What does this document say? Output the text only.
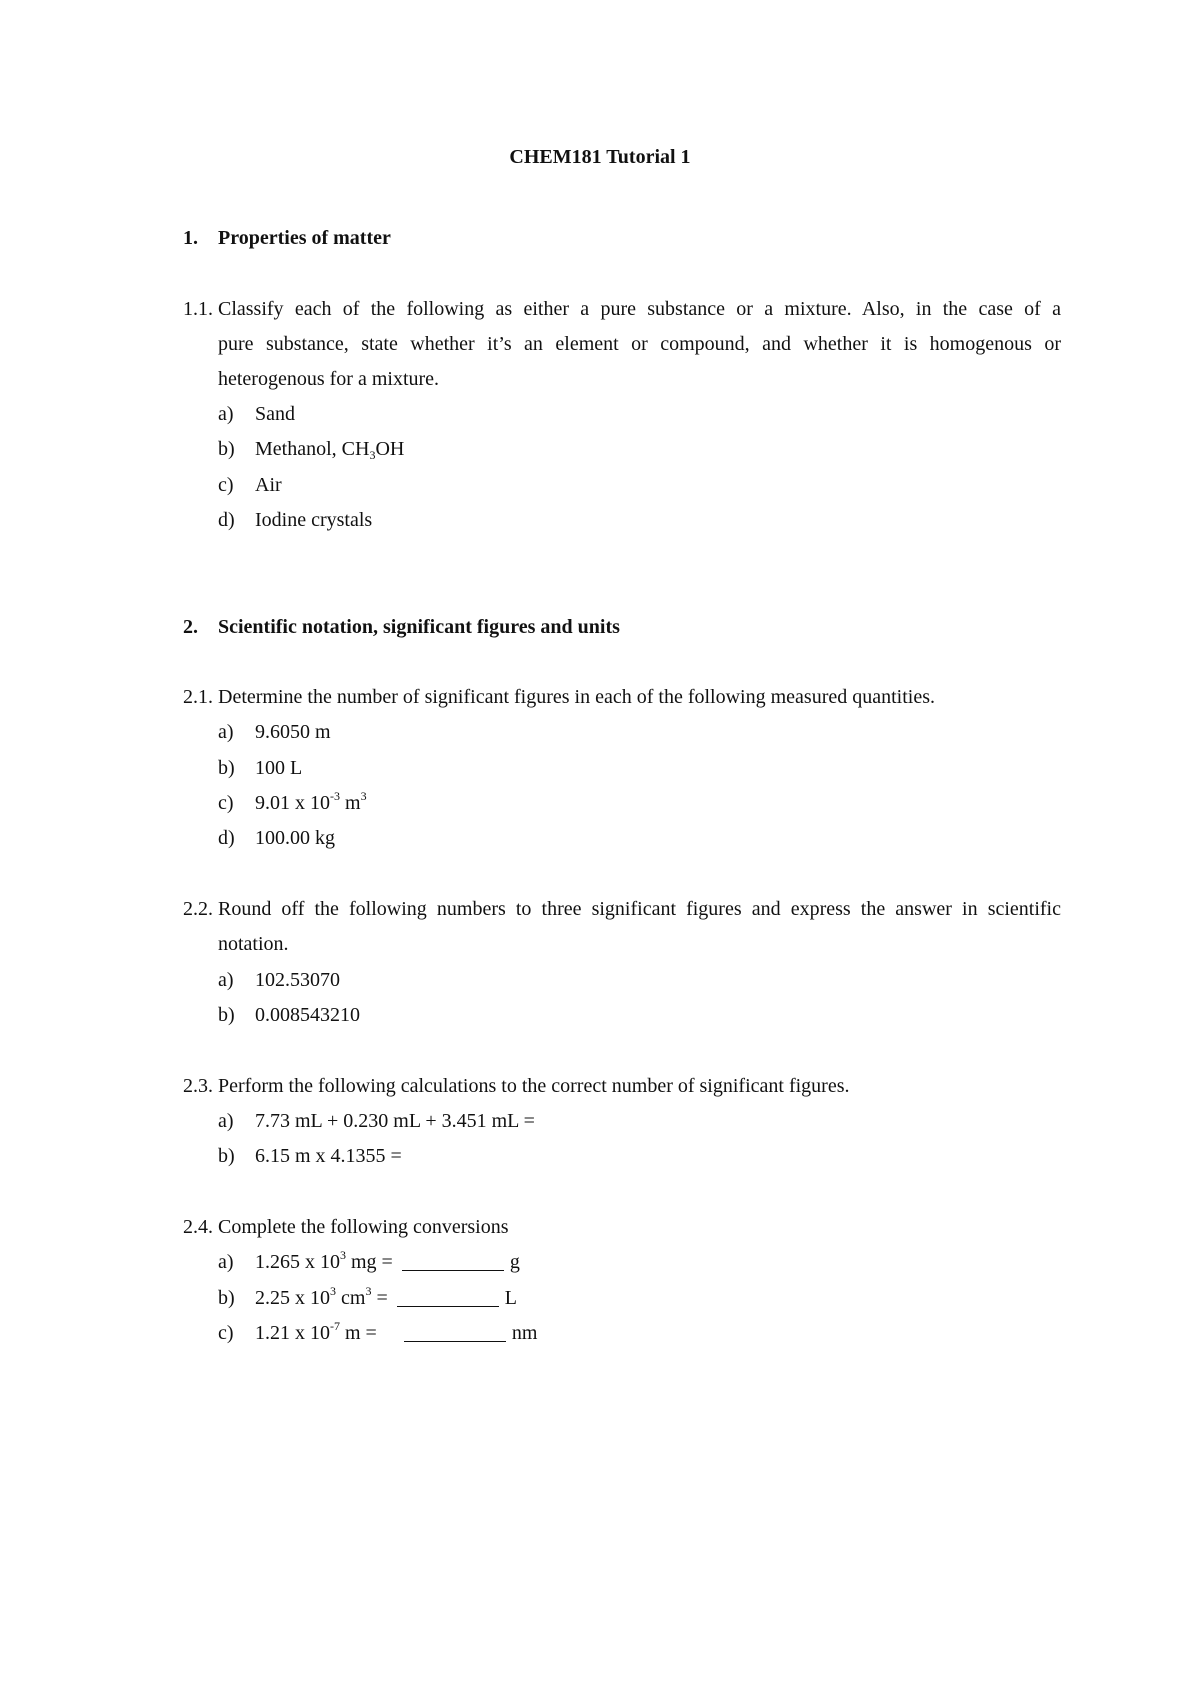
CHEM181 Tutorial 1
1. Properties of matter
1.1. Classify each of the following as either a pure substance or a mixture. Also, in the case of a
pure substance, state whether it’s an element or compound, and whether it is homogenous or
heterogenous for a mixture.
a) Sand
b) Methanol, $CH_3OH$
c) Air
d) Iodine crystals
2. Scientific notation, significant figures and units
2.1. Determine the number of significant figures in each of the following measured quantities.
a) 9.6050 m
b) 100 L
c) 9.01 x $10^{-3}$ $m^3$
d) 100.00 kg
2.2. Round off the following numbers to three significant figures and express the answer in scientific
notation.
a) 102.53070
b) 0.008543210
2.3. Perform the following calculations to the correct number of significant figures.
a) 7.73 mL + 0.230 mL + 3.451 mL =
b) 6.15 m x 4.1355 =
2.4. Complete the following conversions
a) 1.265 x $10^3$ mg =	g
b) 2.25 x $10^3$ $cm^3$ =	L
c) 1.21 x $10^{-7}$ m =	nm
